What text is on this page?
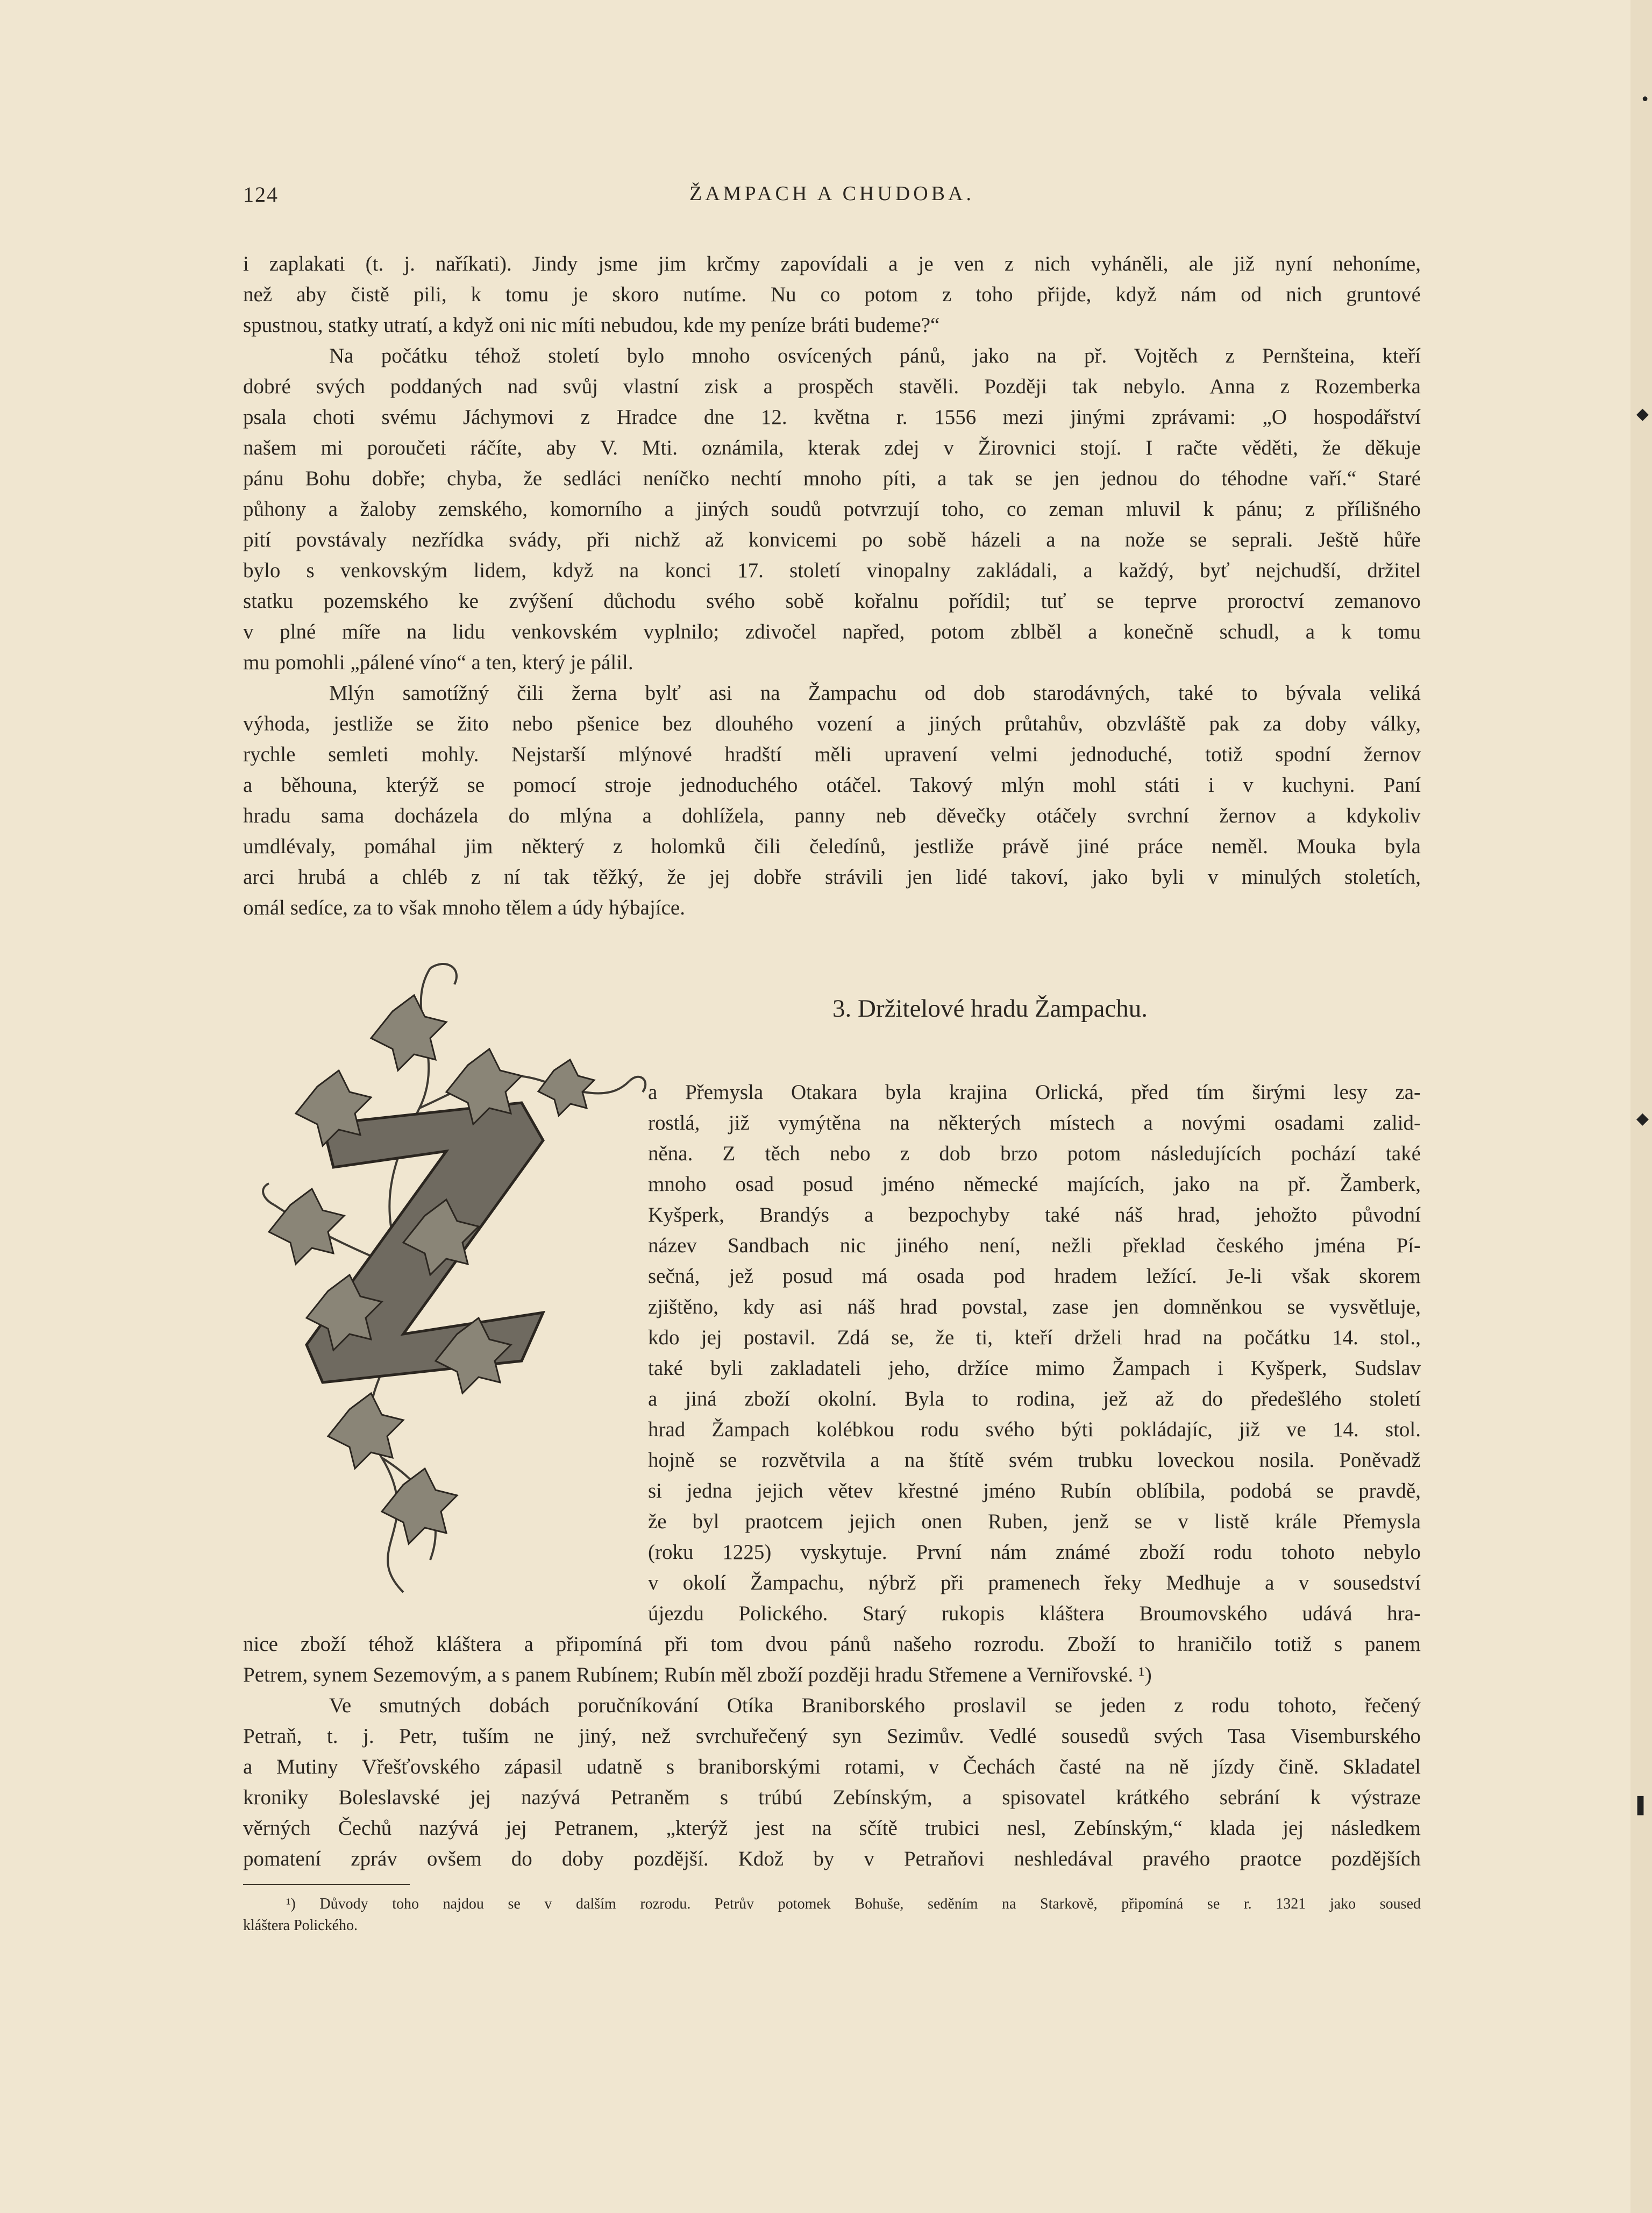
•
◆
◆
▌
124	ŽAMPACH A CHUDOBA.
i zaplakati (t. j. naříkati). Jindy jsme jim krčmy zapovídali a je ven z nich vyháněli, ale již nyní nehoníme,
než aby čistě pili, k tomu je skoro nutíme. Nu co potom z toho přijde, když nám od nich gruntové
spustnou, statky utratí, a když oni nic míti nebudou, kde my peníze bráti budeme?“
Na počátku téhož století bylo mnoho osvícených pánů, jako na př. Vojtěch z Pernšteina, kteří
dobré svých poddaných nad svůj vlastní zisk a prospěch stavěli. Později tak nebylo. Anna z Rozemberka
psala choti svému Jáchymovi z Hradce dne 12. května r. 1556 mezi jinými zprávami: „O hospodářství
našem mi poroučeti ráčíte, aby V. Mti. oznámila, kterak zdej v Žirovnici stojí. I račte věděti, že děkuje
pánu Bohu dobře; chyba, že sedláci neníčko nechtí mnoho píti, a tak se jen jednou do téhodne vaří.“ Staré
půhony a žaloby zemského, komorního a jiných soudů potvrzují toho, co zeman mluvil k pánu; z přílišného
pití povstávaly nezřídka svády, při nichž až konvicemi po sobě házeli a na nože se seprali. Ještě hůře
bylo s venkovským lidem, když na konci 17. století vinopalny zakládali, a každý, byť nejchudší, držitel
statku pozemského ke zvýšení důchodu svého sobě kořalnu pořídil; tuť se teprve proroctví zemanovo
v plné míře na lidu venkovském vyplnilo; zdivočel napřed, potom zblběl a konečně schudl, a k tomu
mu pomohli „pálené víno“ a ten, který je pálil.
Mlýn samotížný čili žerna bylť asi na Žampachu od dob starodávných, také to bývala veliká
výhoda, jestliže se žito nebo pšenice bez dlouhého vození a jiných průtahův, obzvláště pak za doby války,
rychle semleti mohly. Nejstarší mlýnové hradští měli upravení velmi jednoduché, totiž spodní žernov
a běhouna, kterýž se pomocí stroje jednoduchého otáčel. Takový mlýn mohl státi i v kuchyni. Paní
hradu sama docházela do mlýna a dohlížela, panny neb děvečky otáčely svrchní žernov a kdykoliv
umdlévaly, pomáhal jim některý z holomků čili čeledínů, jestliže právě jiné práce neměl. Mouka byla
arci hrubá a chléb z ní tak těžký, že jej dobře strávili jen lidé takoví, jako byli v minulých stoletích,
omál sedíce, za to však mnoho tělem a údy hýbajíce.
3. Držitelové hradu Žampachu.
a Přemysla Otakara byla krajina Orlická, před tím širými lesy za-
rostlá, již vymýtěna na některých místech a novými osadami zalid-
něna. Z těch nebo z dob brzo potom následujících pochází také
mnoho osad posud jméno německé majících, jako na př. Žamberk,
Kyšperk, Brandýs a bezpochyby také náš hrad, jehožto původní
název Sandbach nic jiného není, nežli překlad českého jména Pí-
sečná, jež posud má osada pod hradem ležící. Je-li však skorem
zjištěno, kdy asi náš hrad povstal, zase jen domněnkou se vysvětluje,
kdo jej postavil. Zdá se, že ti, kteří drželi hrad na počátku 14. stol.,
také byli zakladateli jeho, držíce mimo Žampach i Kyšperk, Sudslav
a jiná zboží okolní. Byla to rodina, jež až do předešlého století
hrad Žampach kolébkou rodu svého býti pokládajíc, již ve 14. stol.
hojně se rozvětvila a na štítě svém trubku loveckou nosila. Poněvadž
si jedna jejich větev křestné jméno Rubín oblíbila, podobá se pravdě,
že byl praotcem jejich onen Ruben, jenž se v listě krále Přemysla
(roku 1225) vyskytuje. První nám známé zboží rodu tohoto nebylo
v okolí Žampachu, nýbrž při pramenech řeky Medhuje a v sousedství
újezdu Polického. Starý rukopis kláštera Broumovského udává hra-
nice zboží téhož kláštera a připomíná při tom dvou pánů našeho rozrodu. Zboží to hraničilo totiž s panem
Petrem, synem Sezemovým, a s panem Rubínem; Rubín měl zboží později hradu Střemene a Verniřovské. ¹)
Ve smutných dobách poručníkování Otíka Braniborského proslavil se jeden z rodu tohoto, řečený
Petraň, t. j. Petr, tuším ne jiný, než svrchuřečený syn Sezimův. Vedlé sousedů svých Tasa Visemburského
a Mutiny Vřešťovského zápasil udatně s braniborskými rotami, v Čechách časté na ně jízdy čině. Skladatel
kroniky Boleslavské jej nazývá Petraněm s trúbú Zebínským, a spisovatel krátkého sebrání k výstraze
věrných Čechů nazývá jej Petranem, „kterýž jest na sčítě trubici nesl, Zebínským,“ klada jej následkem
pomatení zpráv ovšem do doby pozdější. Kdož by v Petraňovi neshledával pravého praotce pozdějších
¹) Důvody toho najdou se v dalším rozrodu. Petrův potomek Bohuše, seděním na Starkově, připomíná se r. 1321 jako soused
kláštera Polického.
